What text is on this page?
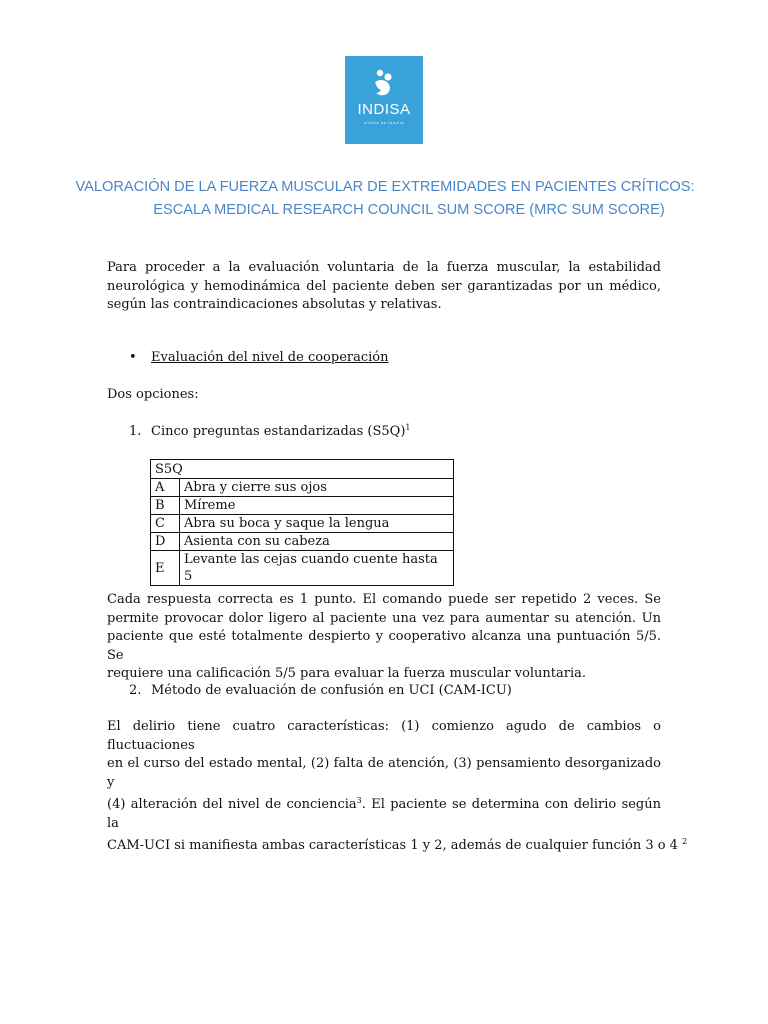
INDISA
clinica de familia
VALORACIÓN DE LA FUERZA MUSCULAR DE EXTREMIDADES EN PACIENTES CRÍTICOS:
ESCALA MEDICAL RESEARCH COUNCIL SUM SCORE (MRC SUM SCORE)
Para proceder a la evaluación voluntaria de la fuerza muscular, la estabilidad
neurológica y hemodinámica del paciente deben ser garantizadas por un médico,
según las contraindicaciones absolutas y relativas.
• Evaluación del nivel de cooperación
Dos opciones:
1. Cinco preguntas estandarizadas $(S5Q)^1$
S5Q	
A	Abra y cierre sus ojos
B	Míreme
C	Abra su boca y saque la lengua
D	Asienta con su cabeza
E	Levante las cejas cuando cuente hasta 5
Cada respuesta correcta es 1 punto. El comando puede ser repetido 2 veces. Se
permite provocar dolor ligero al paciente una vez para aumentar su atención. Un
paciente que esté totalmente despierto y cooperativo alcanza una puntuación 5/5. Se
requiere una calificación 5/5 para evaluar la fuerza muscular voluntaria.
2. Método de evaluación de confusión en UCI (CAM-ICU)
El delirio tiene cuatro características: (1) comienzo agudo de cambios o fluctuaciones
en el curso del estado mental, (2) falta de atención, (3) pensamiento desorganizado y
(4) alteración del nivel de conciencia$^3$. El paciente se determina con delirio según la
CAM-UCI si manifiesta ambas características 1 y 2, además de cualquier función 3 o 4 $^2$
